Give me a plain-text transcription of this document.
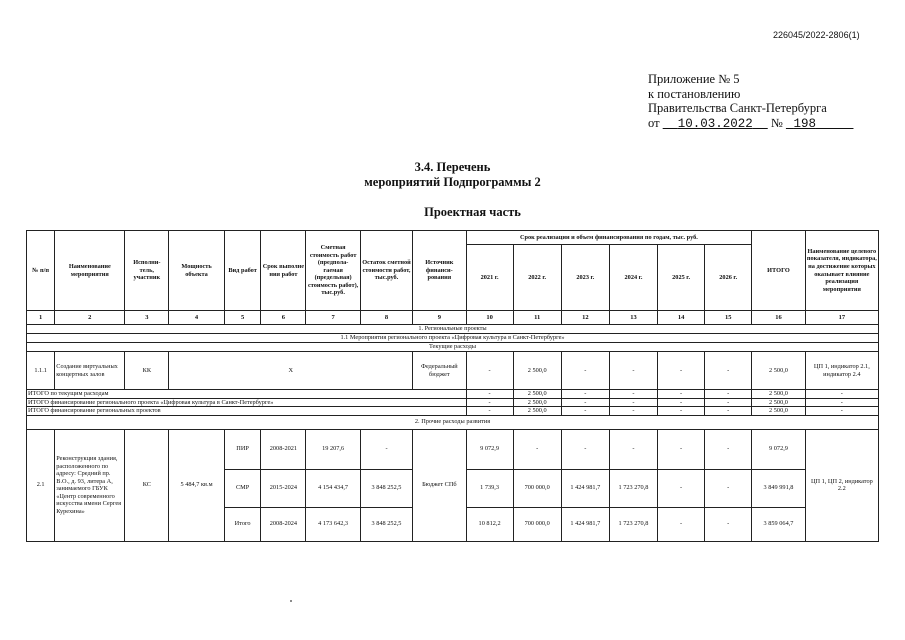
226045/2022-2806(1)
Приложение № 5
к постановлению
Правительства Санкт-Петербурга
от 10.03.2022 № 198
3.4. Перечень
мероприятий Подпрограммы 2
Проектная часть
№ п/п	Наименование мероприятия	Исполни- тель, участник	Мощность объекта	Вид работ	Срок выполне ния работ	Сметная стоимость работ (предпола- гаемая (предельная) стоимость работ), тыс.руб.	Остаток сметной стоимости работ, тыс.руб.	Источник финанси- рования	Срок реализации и объем финансирования по годам, тыс. руб.						ИТОГО	Наименование целевого показателя, индикатора, на достижение которых оказывает влияние реализация мероприятия
									2021 г.	2022 г.	2023 г.	2024 г.	2025 г.	2026 г.		
1	2	3	4	5	6	7	8	9	10	11	12	13	14	15	16	17
1. Региональные проекты																
1.1 Мероприятия регионального проекта «Цифровая культура в Санкт-Петербурге»																
Текущие расходы																
1.1.1	Создание виртуальных концертных залов	КК	X					Федеральный бюджет	-	2 500,0	-	-	-	-	2 500,0	ЦП 1, индикатор 2.1, индикатор 2.4
ИТОГО по текущим расходам									-	2 500,0	-	-	-	-	2 500,0	-
ИТОГО финансирование регионального проекта «Цифровая культура в Санкт-Петербурге»									-	2 500,0	-	-	-	-	2 500,0	-
ИТОГО финансирование региональных проектов									-	2 500,0	-	-	-	-	2 500,0	-
2. Прочие расходы развития																
2.1	Реконструкция здания, расположенного по адресу: Средний пр. В.О., д. 93, литера А, занимаемого ГБУК «Центр современного искусства имени Сергея Курехина»	КС	5 484,7 кв.м	ПИР	2008-2021	19 207,6	-	Бюджет СПб	9 072,9	-	-	-	-	-	9 072,9	ЦП 1, ЦП 2, индикатор 2.2
				СМР	2015-2024	4 154 434,7	3 848 252,5		1 739,3	700 000,0	1 424 981,7	1 723 270,8	-	-	3 849 991,8	
				Итого	2008-2024	4 173 642,3	3 848 252,5		10 812,2	700 000,0	1 424 981,7	1 723 270,8	-	-	3 859 064,7	
